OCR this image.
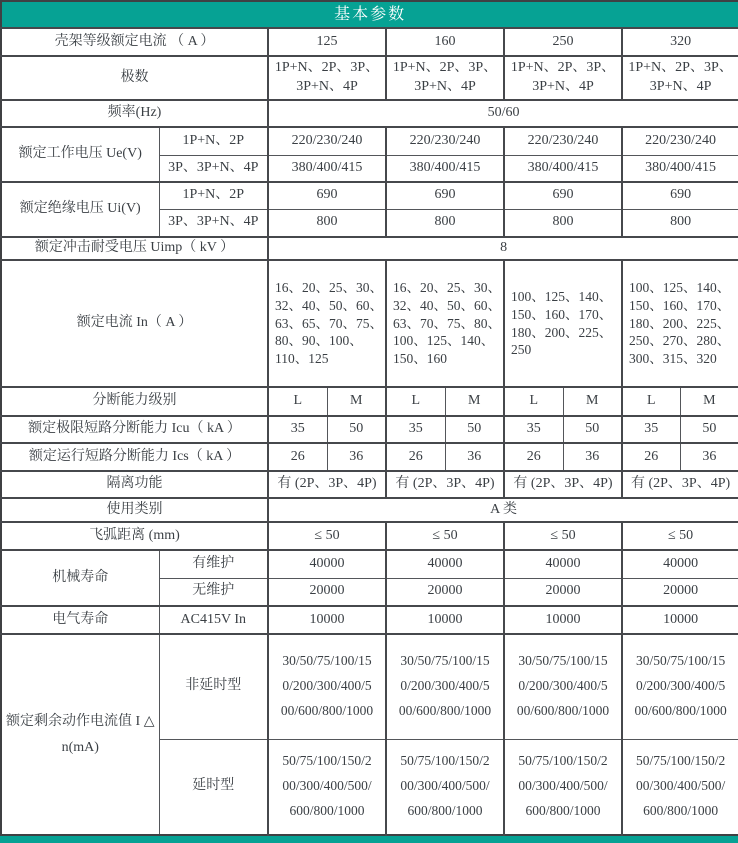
基本参数									
壳架等级额定电流 （ A ）		125		160		250		320	
极数		1P+N、2P、3P、3P+N、4P		1P+N、2P、3P、3P+N、4P		1P+N、2P、3P、3P+N、4P		1P+N、2P、3P、3P+N、4P	
频率(Hz)		50/60							
额定工作电压 Ue(V)	1P+N、2P	220/230/240		220/230/240		220/230/240		220/230/240	
	3P、3P+N、4P	380/400/415		380/400/415		380/400/415		380/400/415	
额定绝缘电压 Ui(V)	1P+N、2P	690		690		690		690	
	3P、3P+N、4P	800		800		800		800	
额定冲击耐受电压 Uimp（ kV ）		8							
额定电流 In（ A ）		16、20、25、30、32、40、50、60、63、65、70、75、80、90、100、110、125		16、20、25、30、32、40、50、60、63、70、75、80、100、125、140、150、160		100、125、140、150、160、170、180、200、225、250		100、125、140、150、160、170、180、200、225、250、270、280、300、315、320	
分断能力级别		L	M	L	M	L	M	L	M
额定极限短路分断能力 Icu（ kA ）		35	50	35	50	35	50	35	50
额定运行短路分断能力 Ics（ kA ）		26	36	26	36	26	36	26	36
隔离功能		有 (2P、3P、4P)		有 (2P、3P、4P)		有 (2P、3P、4P)		有 (2P、3P、4P)	
使用类别		A 类							
飞弧距离 (mm)		≤ 50		≤ 50		≤ 50		≤ 50	
机械寿命	有维护	40000		40000		40000		40000	
	无维护	20000		20000		20000		20000	
电气寿命	AC415V In	10000		10000		10000		10000	
额定剩余动作电流值 I △ n(mA)	非延时型	30/50/75/100/150/200/300/400/500/600/800/1000		30/50/75/100/150/200/300/400/500/600/800/1000		30/50/75/100/150/200/300/400/500/600/800/1000		30/50/75/100/150/200/300/400/500/600/800/1000	
	延时型	50/75/100/150/200/300/400/500/600/800/1000		50/75/100/150/200/300/400/500/600/800/1000		50/75/100/150/200/300/400/500/600/800/1000		50/75/100/150/200/300/400/500/600/800/1000	
